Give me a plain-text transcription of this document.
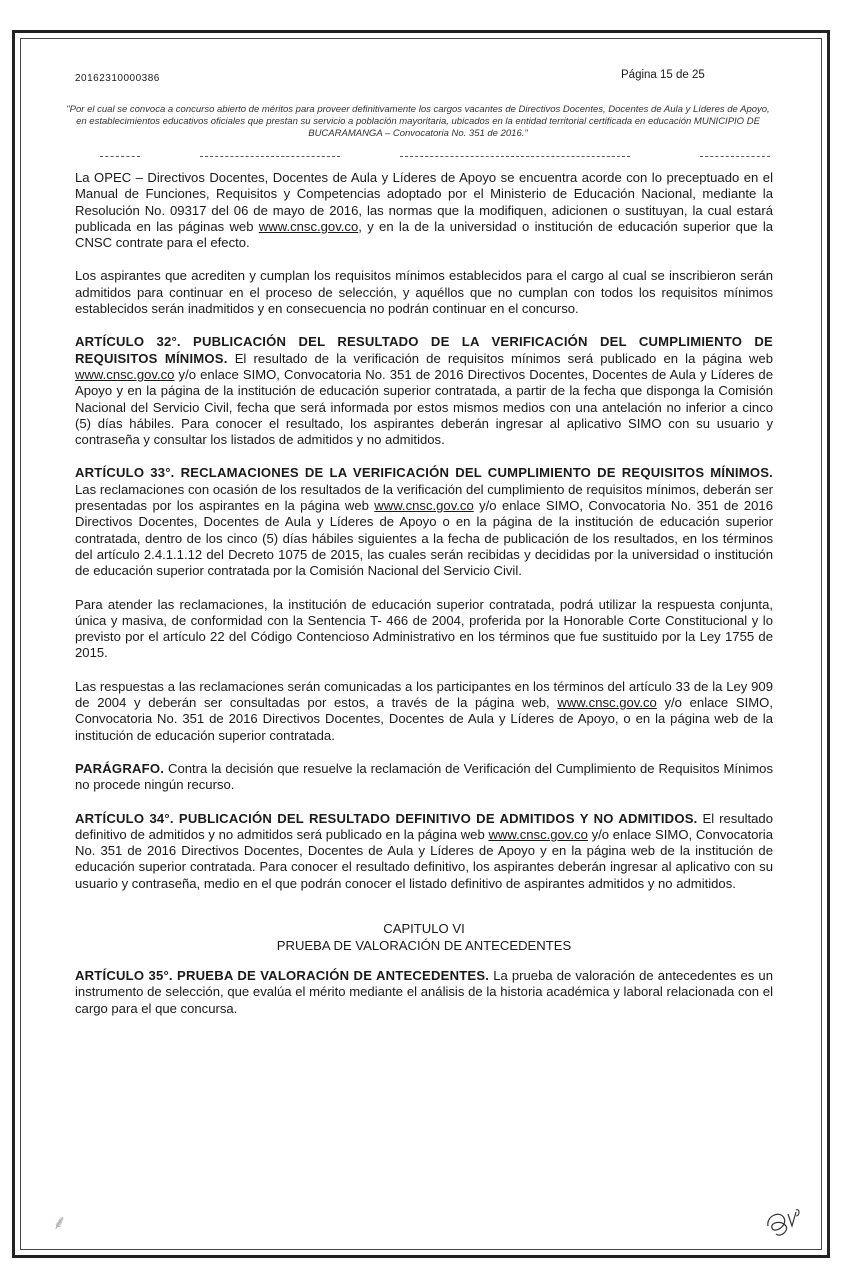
20162310000386	Página 15 de 25
"Por el cual se convoca a concurso abierto de méritos para proveer definitivamente los cargos vacantes de Directivos Docentes, Docentes de Aula y Líderes de Apoyo, en establecimientos educativos oficiales que prestan su servicio a población mayoritaria, ubicados en la entidad territorial certificada en educación MUNICIPIO DE BUCARAMANGA – Convocatoria No. 351 de 2016."

La OPEC – Directivos Docentes, Docentes de Aula y Líderes de Apoyo se encuentra acorde con lo preceptuado en el Manual de Funciones, Requisitos y Competencias adoptado por el Ministerio de Educación Nacional, mediante la Resolución No. 09317 del 06 de mayo de 2016, las normas que la modifiquen, adicionen o sustituyan, la cual estará publicada en las páginas web www.cnsc.gov.co, y en la de la universidad o institución de educación superior que la CNSC contrate para el efecto.

Los aspirantes que acrediten y cumplan los requisitos mínimos establecidos para el cargo al cual se inscribieron serán admitidos para continuar en el proceso de selección, y aquéllos que no cumplan con todos los requisitos mínimos establecidos serán inadmitidos y en consecuencia no podrán continuar en el concurso.

ARTÍCULO 32°. PUBLICACIÓN DEL RESULTADO DE LA VERIFICACIÓN DEL CUMPLIMIENTO DE REQUISITOS MÍNIMOS. El resultado de la verificación de requisitos mínimos será publicado en la página web www.cnsc.gov.co y/o enlace SIMO, Convocatoria No. 351 de 2016 Directivos Docentes, Docentes de Aula y Líderes de Apoyo y en la página de la institución de educación superior contratada, a partir de la fecha que disponga la Comisión Nacional del Servicio Civil, fecha que será informada por estos mismos medios con una antelación no inferior a cinco (5) días hábiles. Para conocer el resultado, los aspirantes deberán ingresar al aplicativo SIMO con su usuario y contraseña y consultar los listados de admitidos y no admitidos.

ARTÍCULO 33°. RECLAMACIONES DE LA VERIFICACIÓN DEL CUMPLIMIENTO DE REQUISITOS MÍNIMOS. Las reclamaciones con ocasión de los resultados de la verificación del cumplimiento de requisitos mínimos, deberán ser presentadas por los aspirantes en la página web www.cnsc.gov.co y/o enlace SIMO, Convocatoria No. 351 de 2016 Directivos Docentes, Docentes de Aula y Líderes de Apoyo o en la página de la institución de educación superior contratada, dentro de los cinco (5) días hábiles siguientes a la fecha de publicación de los resultados, en los términos del artículo 2.4.1.1.12 del Decreto 1075 de 2015, las cuales serán recibidas y decididas por la universidad o institución de educación superior contratada por la Comisión Nacional del Servicio Civil.

Para atender las reclamaciones, la institución de educación superior contratada, podrá utilizar la respuesta conjunta, única y masiva, de conformidad con la Sentencia T- 466 de 2004, proferida por la Honorable Corte Constitucional y lo previsto por el artículo 22 del Código Contencioso Administrativo en los términos que fue sustituido por la Ley 1755 de 2015.

Las respuestas a las reclamaciones serán comunicadas a los participantes en los términos del artículo 33 de la Ley 909 de 2004 y deberán ser consultadas por estos, a través de la página web, www.cnsc.gov.co y/o enlace SIMO, Convocatoria No. 351 de 2016 Directivos Docentes, Docentes de Aula y Líderes de Apoyo, o en la página web de la institución de educación superior contratada.

PARÁGRAFO. Contra la decisión que resuelve la reclamación de Verificación del Cumplimiento de Requisitos Mínimos no procede ningún recurso.

ARTÍCULO 34°. PUBLICACIÓN DEL RESULTADO DEFINITIVO DE ADMITIDOS Y NO ADMITIDOS. El resultado definitivo de admitidos y no admitidos será publicado en la página web www.cnsc.gov.co y/o enlace SIMO, Convocatoria No. 351 de 2016 Directivos Docentes, Docentes de Aula y Líderes de Apoyo y en la página web de la institución de educación superior contratada. Para conocer el resultado definitivo, los aspirantes deberán ingresar al aplicativo con su usuario y contraseña, medio en el que podrán conocer el listado definitivo de aspirantes admitidos y no admitidos.

CAPITULO VI
PRUEBA DE VALORACIÓN DE ANTECEDENTES

ARTÍCULO 35°. PRUEBA DE VALORACIÓN DE ANTECEDENTES. La prueba de valoración de antecedentes es un instrumento de selección, que evalúa el mérito mediante el análisis de la historia académica y laboral relacionada con el cargo para el que concursa.

⸙
